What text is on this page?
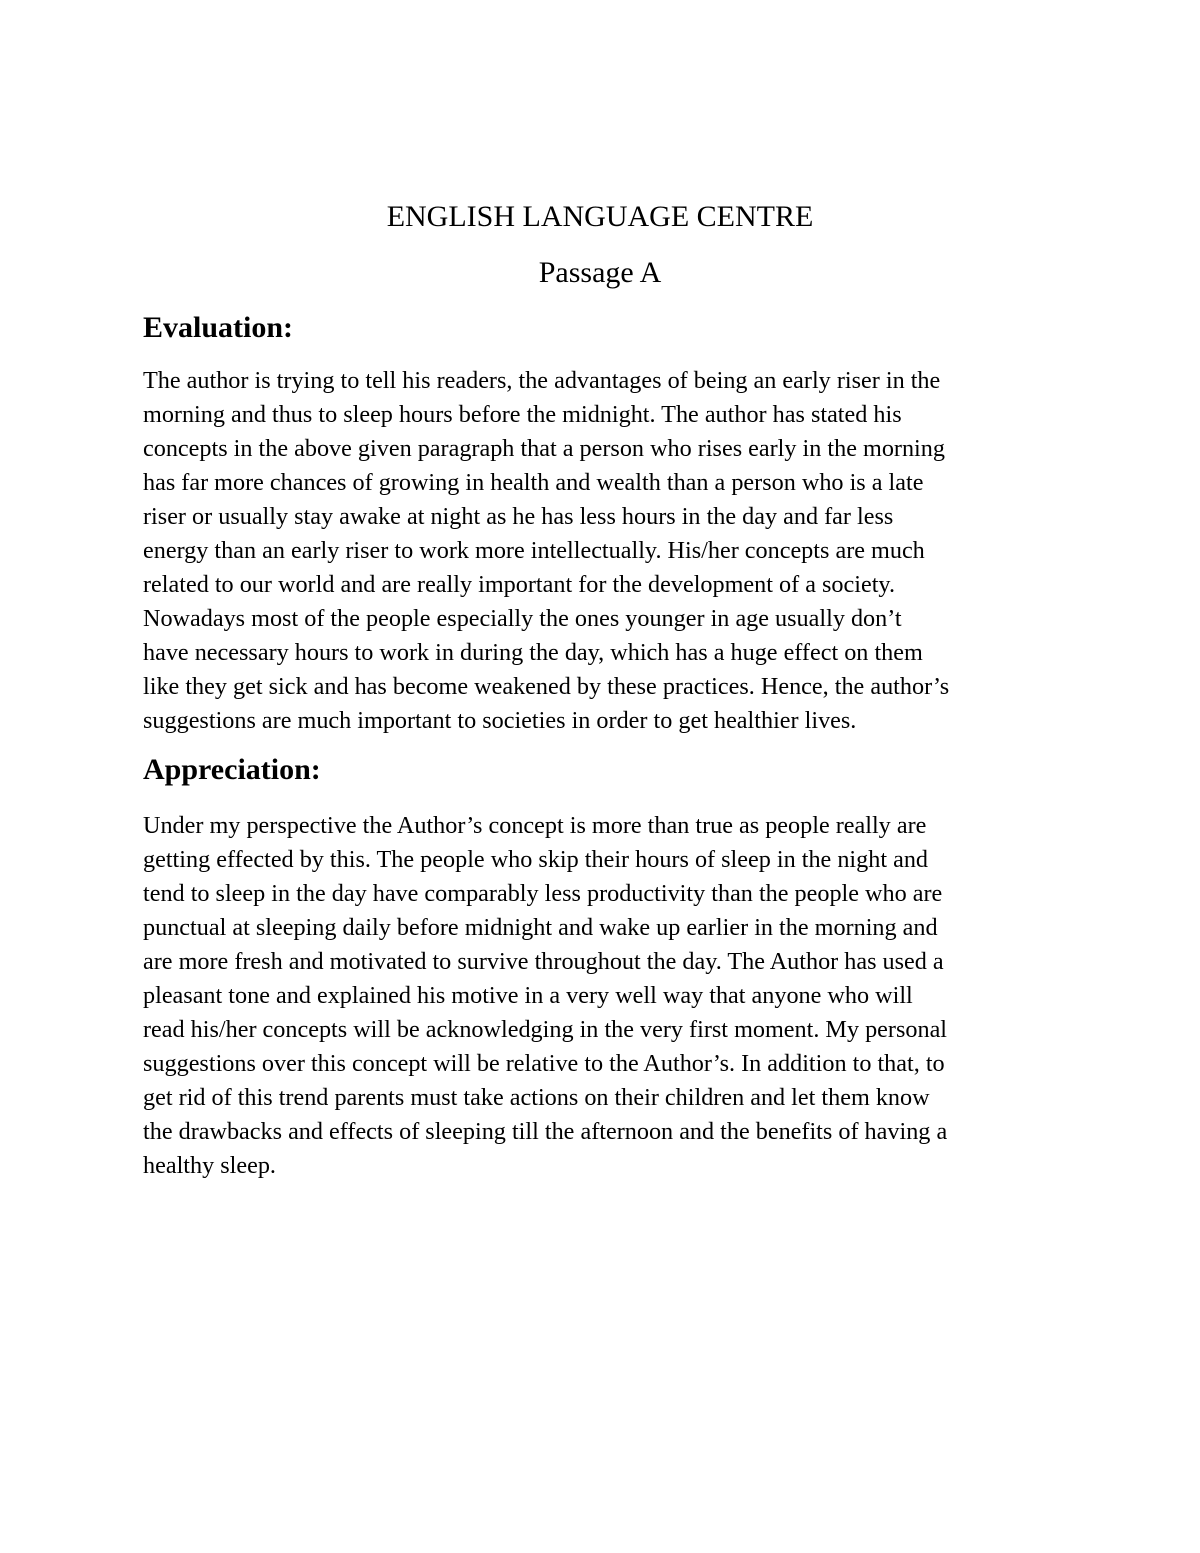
ENGLISH LANGUAGE CENTRE
Passage A
Evaluation:

The author is trying to tell his readers, the advantages of being an early riser in the
morning and thus to sleep hours before the midnight. The author has stated his
concepts in the above given paragraph that a person who rises early in the morning
has far more chances of growing in health and wealth than a person who is a late
riser or usually stay awake at night as he has less hours in the day and far less
energy than an early riser to work more intellectually. His/her concepts are much
related to our world and are really important for the development of a society.
Nowadays most of the people especially the ones younger in age usually don’t
have necessary hours to work in during the day, which has a huge effect on them
like they get sick and has become weakened by these practices. Hence, the author’s
suggestions are much important to societies in order to get healthier lives.

Appreciation:

Under my perspective the Author’s concept is more than true as people really are
getting effected by this. The people who skip their hours of sleep in the night and
tend to sleep in the day have comparably less productivity than the people who are
punctual at sleeping daily before midnight and wake up earlier in the morning and
are more fresh and motivated to survive throughout the day. The Author has used a
pleasant tone and explained his motive in a very well way that anyone who will
read his/her concepts will be acknowledging in the very first moment. My personal
suggestions over this concept will be relative to the Author’s. In addition to that, to
get rid of this trend parents must take actions on their children and let them know
the drawbacks and effects of sleeping till the afternoon and the benefits of having a
healthy sleep.
